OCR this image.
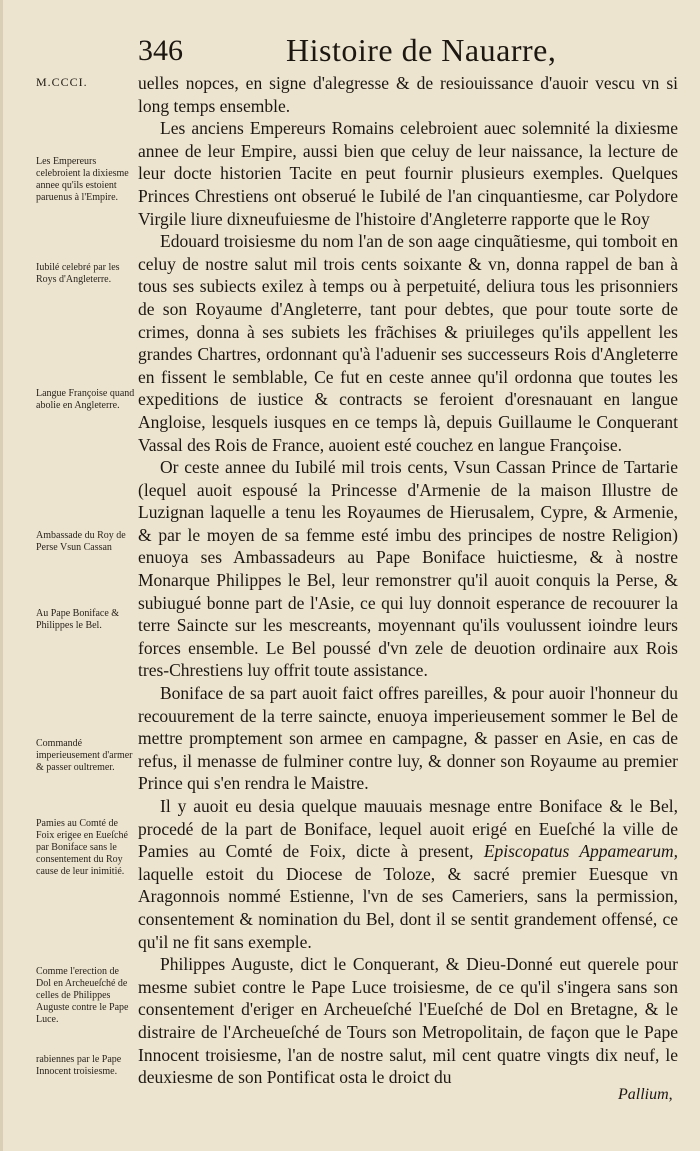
346	Histoire de Nauarre,
M.CCCI.
Les Empereurs celebroient la dixiesme annee qu'ils estoient paruenus à l'Empire.
Iubilé celebré par les Roys d'Angleterre.
Langue Françoise quand abolie en Angleterre.
Ambassade du Roy de Perse Vsun Cassan
Au Pape Boniface & Philippes le Bel.
Commandé imperieusement d'armer & passer oultremer.
Pamies au Comté de Foix erigee en Eueſché par Boniface sans le consentement du Roy cause de leur inimitié.
Comme l'erection de Dol en Archeueſché de celles de Philippes Auguste contre le Pape Luce.
rabiennes par le Pape Innocent troisiesme.

uelles nopces, en signe d'alegresse & de resiouissance d'auoir vescu vn si long temps ensemble.

Les anciens Empereurs Romains celebroient auec solemnité la dixiesme annee de leur Empire, aussi bien que celuy de leur naissance, la lecture de leur docte historien Tacite en peut fournir plusieurs exemples. Quelques Princes Chrestiens ont obserué le Iubilé de l'an cinquantiesme, car Polydore Virgile liure dixneufuiesme de l'histoire d'Angleterre rapporte que le Roy

Edouard troisiesme du nom l'an de son aage cinquãtiesme, qui tomboit en celuy de nostre salut mil trois cents soixante & vn, donna rappel de ban à tous ses subiects exilez à temps ou à perpetuité, deliura tous les prisonniers de son Royaume d'Angleterre, tant pour debtes, que pour toute sorte de crimes, donna à ses subiets les frãchises & priuileges qu'ils appellent les grandes Chartres, ordonnant qu'à l'aduenir ses successeurs Rois d'Angleterre en fissent le semblable, Ce fut en ceste annee qu'il ordonna que toutes les expeditions de iustice & contracts se feroient d'oresnauant en langue Angloise, lesquels iusques en ce temps là, depuis Guillaume le Conquerant Vassal des Rois de France, auoient esté couchez en langue Françoise.

Or ceste annee du Iubilé mil trois cents, Vsun Cassan Prince de Tartarie (lequel auoit espousé la Princesse d'Armenie de la maison Illustre de Luzignan laquelle a tenu les Royaumes de Hierusalem, Cypre, & Armenie, & par le moyen de sa femme esté imbu des principes de nostre Religion) enuoya ses Ambassadeurs au Pape Boniface huictiesme, & à nostre Monarque Philippes le Bel, leur remonstrer qu'il auoit conquis la Perse, & subiugué bonne part de l'Asie, ce qui luy donnoit esperance de recouurer la terre Saincte sur les mescreants, moyennant qu'ils voulussent ioindre leurs forces ensemble. Le Bel poussé d'vn zele de deuotion ordinaire aux Rois tres-Chrestiens luy offrit toute assistance.

Boniface de sa part auoit faict offres pareilles, & pour auoir l'honneur du recouurement de la terre saincte, enuoya imperieusement sommer le Bel de mettre promptement son armee en campagne, & passer en Asie, en cas de refus, il menasse de fulminer contre luy, & donner son Royaume au premier Prince qui s'en rendra le Maistre.

Il y auoit eu desia quelque mauuais mesnage entre Boniface & le Bel, procedé de la part de Boniface, lequel auoit erigé en Eueſché la ville de Pamies au Comté de Foix, dicte à present, Episcopatus Appamearum, laquelle estoit du Diocese de Toloze, & sacré premier Euesque vn Aragonnois nommé Estienne, l'vn de ses Cameriers, sans la permission, consentement & nomination du Bel, dont il se sentit grandement offensé, ce qu'il ne fit sans exemple.

Philippes Auguste, dict le Conquerant, & Dieu-Donné eut querele pour mesme subiet contre le Pape Luce troisiesme, de ce qu'il s'ingera sans son consentement d'eriger en Archeueſché l'Eueſché de Dol en Bretagne, & le distraire de l'Archeueſché de Tours son Metropolitain, de façon que le Pape Innocent troisiesme, l'an de nostre salut, mil cent quatre vingts dix neuf, le deuxiesme de son Pontificat osta le droict du

Pallium,
